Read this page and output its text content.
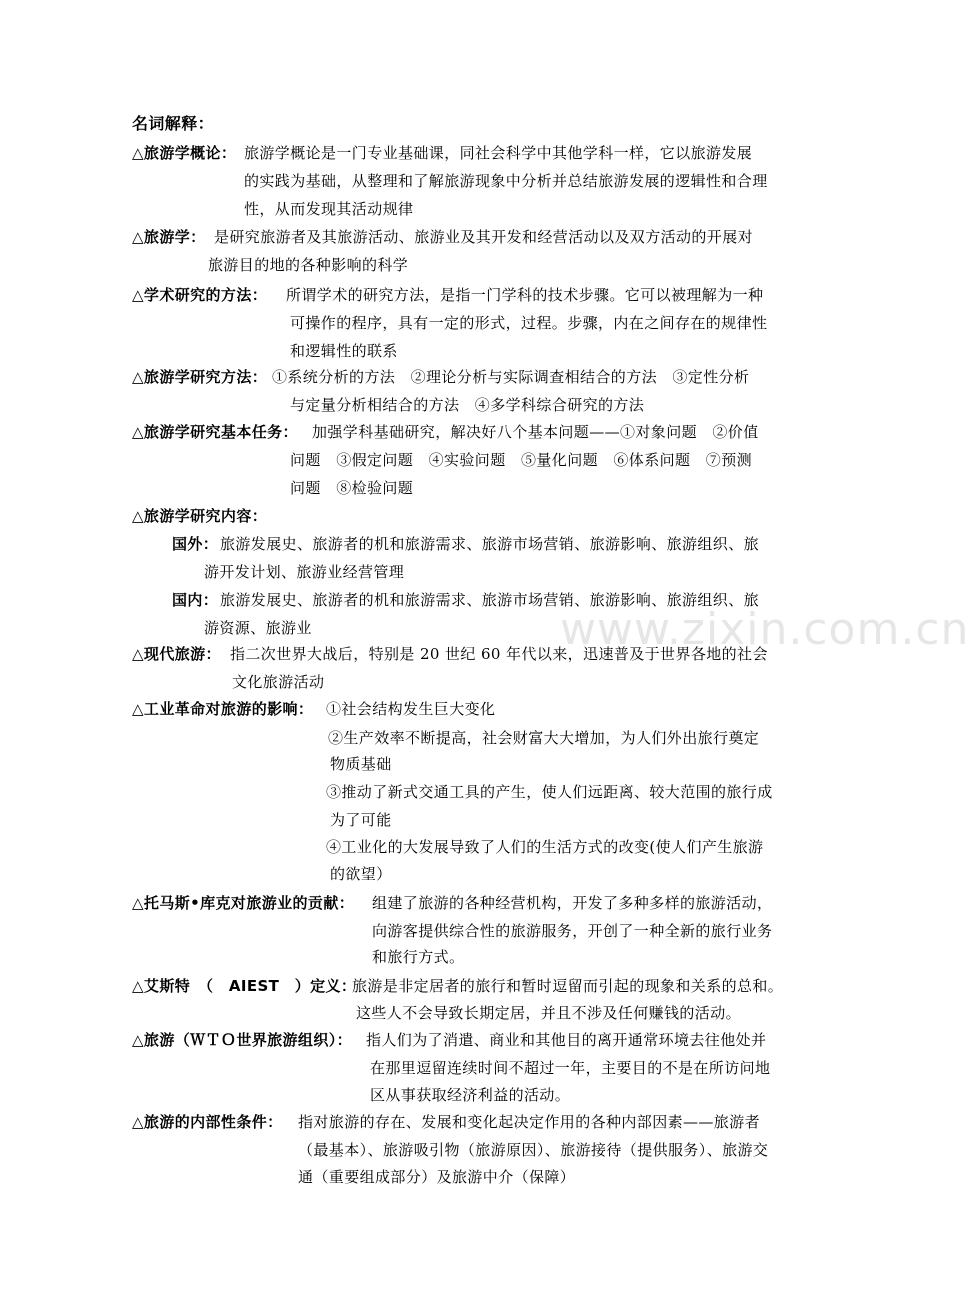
www.zixin.com.cn
名词解释：
△旅游学概论： 旅游学概论是一门专业基础课，同社会科学中其他学科一样，它以旅游发展
的实践为基础，从整理和了解旅游现象中分析并总结旅游发展的逻辑性和合理
性，从而发现其活动规律
△旅游学： 是研究旅游者及其旅游活动、旅游业及其开发和经营活动以及双方活动的开展对
旅游目的地的各种影响的科学
△学术研究的方法： 所谓学术的研究方法，是指一门学科的技术步骤。它可以被理解为一种
可操作的程序，具有一定的形式，过程。步骤，内在之间存在的规律性
和逻辑性的联系
△旅游学研究方法： ①系统分析的方法　②理论分析与实际调查相结合的方法　③定性分析
与定量分析相结合的方法　④多学科综合研究的方法
△旅游学研究基本任务： 加强学科基础研究，解决好八个基本问题——①对象问题　②价值
问题　③假定问题　④实验问题　⑤量化问题　⑥体系问题　⑦预测
问题　⑧检验问题
△旅游学研究内容：
国外： 旅游发展史、旅游者的机和旅游需求、旅游市场营销、旅游影响、旅游组织、旅
游开发计划、旅游业经营管理
国内： 旅游发展史、旅游者的机和旅游需求、旅游市场营销、旅游影响、旅游组织、旅
游资源、旅游业
△现代旅游： 指二次世界大战后，特别是 20 世纪 60 年代以来，迅速普及于世界各地的社会
文化旅游活动
△工业革命对旅游的影响： ①社会结构发生巨大变化
②生产效率不断提高，社会财富大大增加，为人们外出旅行奠定
物质基础
③推动了新式交通工具的产生，使人们远距离、较大范围的旅行成
为了可能
④工业化的大发展导致了人们的生活方式的改变(使人们产生旅游
的欲望）
△托马斯•库克对旅游业的贡献： 组建了旅游的各种经营机构，开发了多种多样的旅游活动，
向游客提供综合性的旅游服务，开创了一种全新的旅行业务
和旅行方式。
△艾斯特　（　AIEST　）定义：
旅游是非定居者的旅行和暂时逗留而引起的现象和关系的总和。
这些人不会导致长期定居，并且不涉及任何赚钱的活动。
△旅游（ＷＴＯ世界旅游组织）： 指人们为了消遣、商业和其他目的离开通常环境去往他处并
在那里逗留连续时间不超过一年，主要目的不是在所访问地
区从事获取经济利益的活动。
△旅游的内部性条件： 指对旅游的存在、发展和变化起决定作用的各种内部因素——旅游者
（最基本）、旅游吸引物（旅游原因）、旅游接待（提供服务）、旅游交
通（重要组成部分）及旅游中介（保障）
